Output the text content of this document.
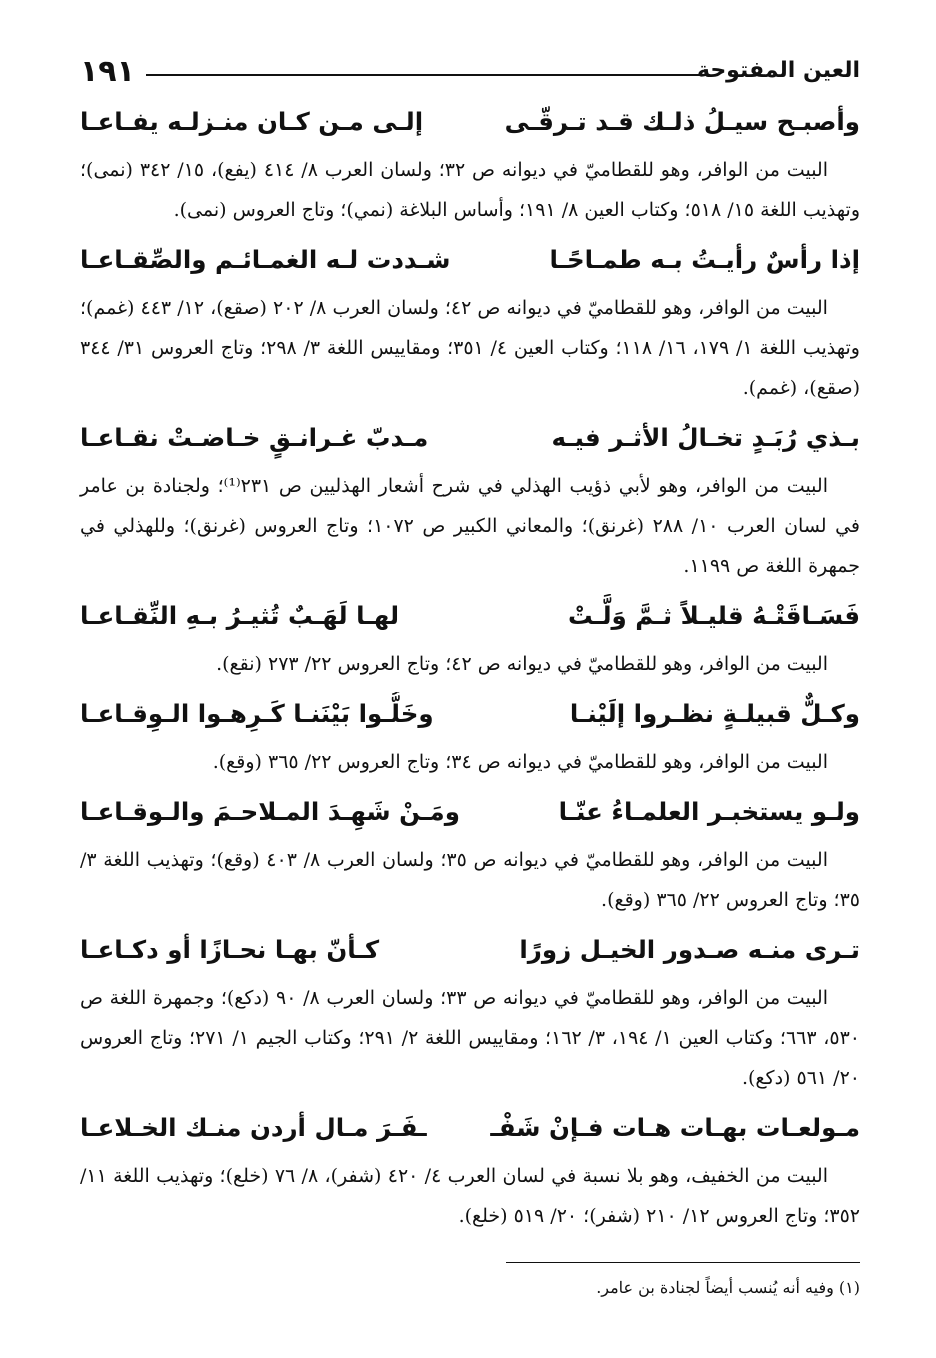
العين المفتوحة
١٩١
وأصبـح سيـلُ ذلـك قـد تـرقّـى
إلـى مـن كـان منـزلـه يفـاعـا

البيت من الوافر، وهو للقطاميّ في ديوانه ص ٣٢؛ ولسان العرب ٨/ ٤١٤ (يفع)، ١٥/ ٣٤٢ (نمى)؛ وتهذيب اللغة ١٥/ ٥١٨؛ وكتاب العين ٨/ ١٩١؛ وأساس البلاغة (نمي)؛ وتاج العروس (نمى).

إذا رأسٌ رأيـتُ بـه طمـاحًـا
شـددت لـه الغمـائـم والصِّقـاعـا

البيت من الوافر، وهو للقطاميّ في ديوانه ص ٤٢؛ ولسان العرب ٨/ ٢٠٢ (صقع)، ١٢/ ٤٤٣ (غمم)؛ وتهذيب اللغة ١/ ١٧٩، ١٦/ ١١٨؛ وكتاب العين ٤/ ٣٥١؛ ومقاييس اللغة ٣/ ٢٩٨؛ وتاج العروس ٣١/ ٣٤٤ (صقع)، (غمم).

بـذي رُبَـدٍ تخـالُ الأثـر فيـه
مـدبّ غـرانـقٍ خـاضـتْ نقـاعـا

البيت من الوافر، وهو لأبي ذؤيب الهذلي في شرح أشعار الهذليين ص ٢٣١⁽¹⁾؛ ولجنادة بن عامر في لسان العرب ١٠/ ٢٨٨ (غرنق)؛ والمعاني الكبير ص ١٠٧٢؛ وتاج العروس (غرنق)؛ وللهذلي في جمهرة اللغة ص ١١٩٩.

فَسَـاقَتْـهُ قليـلاً ثـمَّ وَلَّـتْ
لهـا لَهَـبٌ تُثيـرُ بـهِ النِّقـاعـا

البيت من الوافر، وهو للقطاميّ في ديوانه ص ٤٢؛ وتاج العروس ٢٢/ ٢٧٣ (نقع).

وكـلٌّ قبيلـةٍ نظـروا إلَيْنـا
وخَلُّـوا بَيْنَنـا كَـرِهـوا الـوِقـاعـا

البيت من الوافر، وهو للقطاميّ في ديوانه ص ٣٤؛ وتاج العروس ٢٢/ ٣٦٥ (وقع).

ولـو يستخبـر العلمـاءُ عنّـا
ومَـنْ شَهِـدَ المـلاحـمَ والـوقـاعـا

البيت من الوافر، وهو للقطاميّ في ديوانه ص ٣٥؛ ولسان العرب ٨/ ٤٠٣ (وقع)؛ وتهذيب اللغة ٣/ ٣٥؛ وتاج العروس ٢٢/ ٣٦٥ (وقع).

تـرى منـه صـدور الخيـل زورًا
كـأنّ بهـا نحـازًا أو دكـاعـا

البيت من الوافر، وهو للقطاميّ في ديوانه ص ٣٣؛ ولسان العرب ٨/ ٩٠ (دكع)؛ وجمهرة اللغة ص ٥٣٠، ٦٦٣؛ وكتاب العين ١/ ١٩٤، ٣/ ١٦٢؛ ومقاييس اللغة ٢/ ٢٩١؛ وكتاب الجيم ١/ ٢٧١؛ وتاج العروس ٢٠/ ٥٦١ (دكع).

مـولعـات بهـات هـات فـإنْ شَفْـ
ـفَـرَ مـال أردن منـك الخـلاعـا

البيت من الخفيف، وهو بلا نسبة في لسان العرب ٤/ ٤٢٠ (شفر)، ٨/ ٧٦ (خلع)؛ وتهذيب اللغة ١١/ ٣٥٢؛ وتاج العروس ١٢/ ٢١٠ (شفر)؛ ٢٠/ ٥١٩ (خلع).

(١) وفيه أنه يُنسب أيضاً لجنادة بن عامر.
